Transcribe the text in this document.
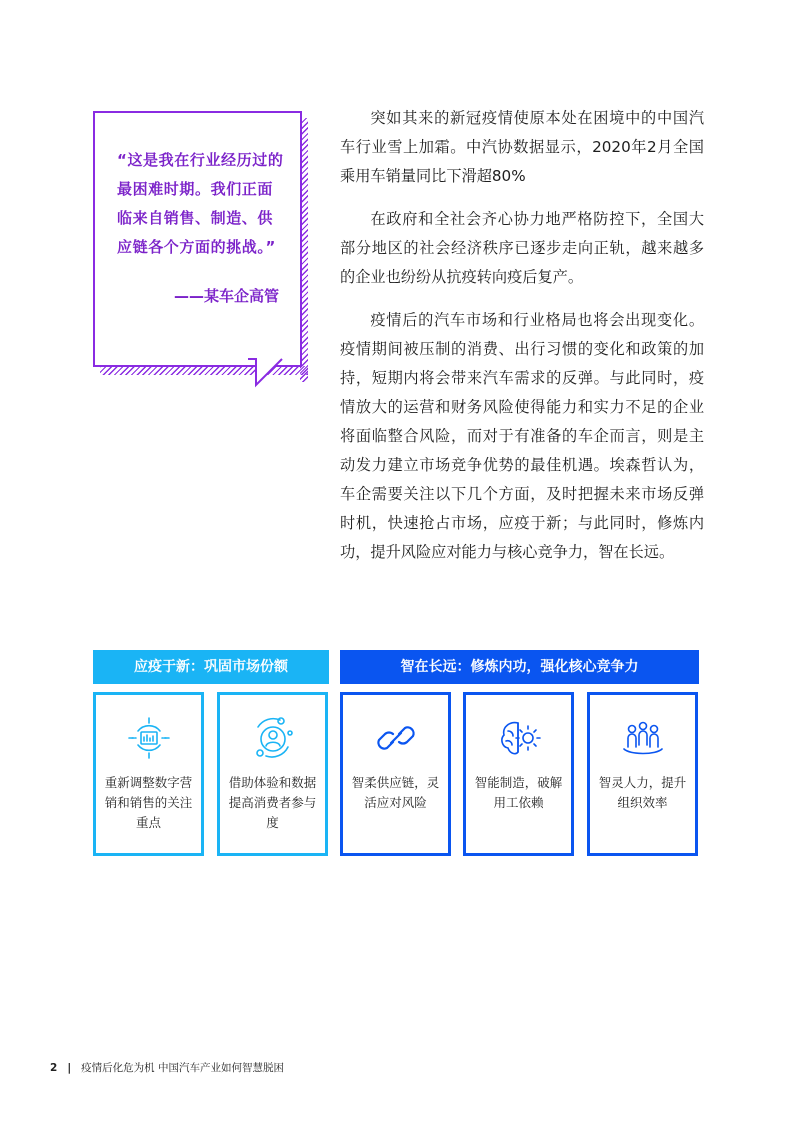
“这是我在行业经历过的最困难时期。我们正面临来自销售、制造、供应链各个方面的挑战。”

——某车企高管

突如其来的新冠疫情使原本处在困境中的中国汽车行业雪上加霜。中汽协数据显示，2020年2月全国乘用车销量同比下滑超80%

在政府和全社会齐心协力地严格防控下，全国大部分地区的社会经济秩序已逐步走向正轨，越来越多的企业也纷纷从抗疫转向疫后复产。

疫情后的汽车市场和行业格局也将会出现变化。疫情期间被压制的消费、出行习惯的变化和政策的加持，短期内将会带来汽车需求的反弹。与此同时，疫情放大的运营和财务风险使得能力和实力不足的企业将面临整合风险，而对于有准备的车企而言，则是主动发力建立市场竞争优势的最佳机遇。埃森哲认为，车企需要关注以下几个方面，及时把握未来市场反弹时机，快速抢占市场，应疫于新；与此同时，修炼内功，提升风险应对能力与核心竞争力，智在长远。

应疫于新：巩固市场份额	智在长远：修炼内功，强化核心竞争力

重新调整数字营销和销售的关注重点

借助体验和数据提高消费者参与度

智柔供应链，灵活应对风险

智能制造，破解用工依赖

智灵人力，提升组织效率

2 | 疫情后化危为机 中国汽车产业如何智慧脱困
